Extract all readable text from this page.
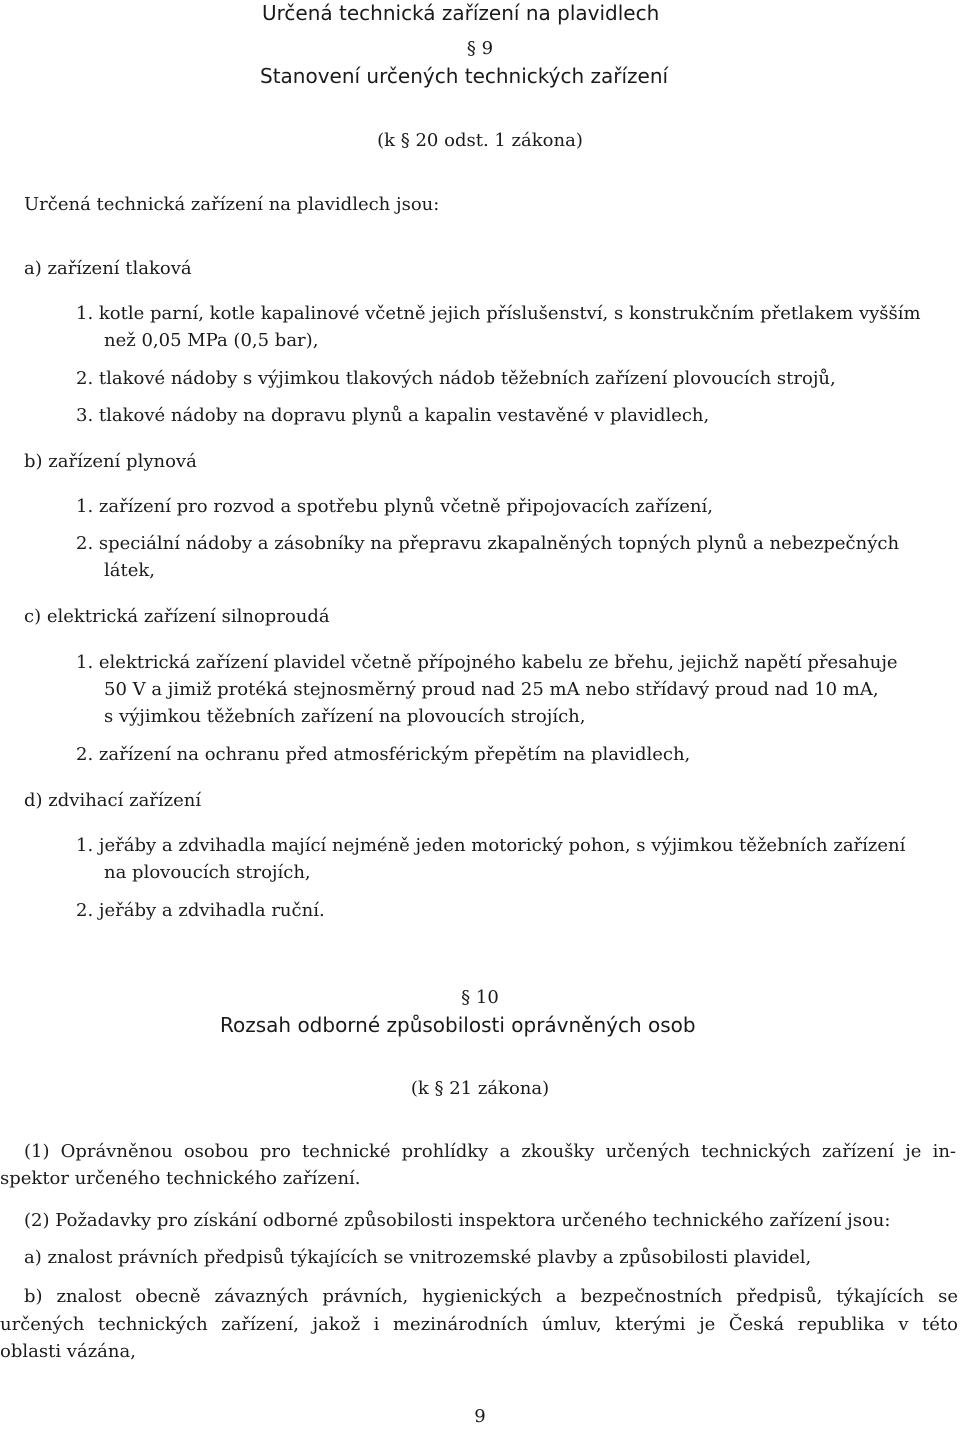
Určená technická zařízení na plavidlech
§ 9
Stanovení určených technických zařízení
(k § 20 odst. 1 zákona)
Určená technická zařízení na plavidlech jsou:
a) zařízení tlaková
1. kotle parní, kotle kapalinové včetně jejich příslušenství, s konstrukčním přetlakem vyšším
než 0,05 MPa (0,5 bar),
2. tlakové nádoby s výjimkou tlakových nádob těžebních zařízení plovoucích strojů,
3. tlakové nádoby na dopravu plynů a kapalin vestavěné v plavidlech,
b) zařízení plynová
1. zařízení pro rozvod a spotřebu plynů včetně připojovacích zařízení,
2. speciální nádoby a zásobníky na přepravu zkapalněných topných plynů a nebezpečných
látek,
c) elektrická zařízení silnoproudá
1. elektrická zařízení plavidel včetně přípojného kabelu ze břehu, jejichž napětí přesahuje
50 V a jimiž protéká stejnosměrný proud nad 25 mA nebo střídavý proud nad 10 mA,
s výjimkou těžebních zařízení na plovoucích strojích,
2. zařízení na ochranu před atmosférickým přepětím na plavidlech,
d) zdvihací zařízení
1. jeřáby a zdvihadla mající nejméně jeden motorický pohon, s výjimkou těžebních zařízení
na plovoucích strojích,
2. jeřáby a zdvihadla ruční.
§ 10
Rozsah odborné způsobilosti oprávněných osob
(k § 21 zákona)
(1) Oprávněnou osobou pro technické prohlídky a zkoušky určených technických zařízení je in-
spektor určeného technického zařízení.
(2) Požadavky pro získání odborné způsobilosti inspektora určeného technického zařízení jsou:
a) znalost právních předpisů týkajících se vnitrozemské plavby a způsobilosti plavidel,
b) znalost obecně závazných právních, hygienických a bezpečnostních předpisů, týkajících se
určených technických zařízení, jakož i mezinárodních úmluv, kterými je Česká republika v této
oblasti vázána,
9
